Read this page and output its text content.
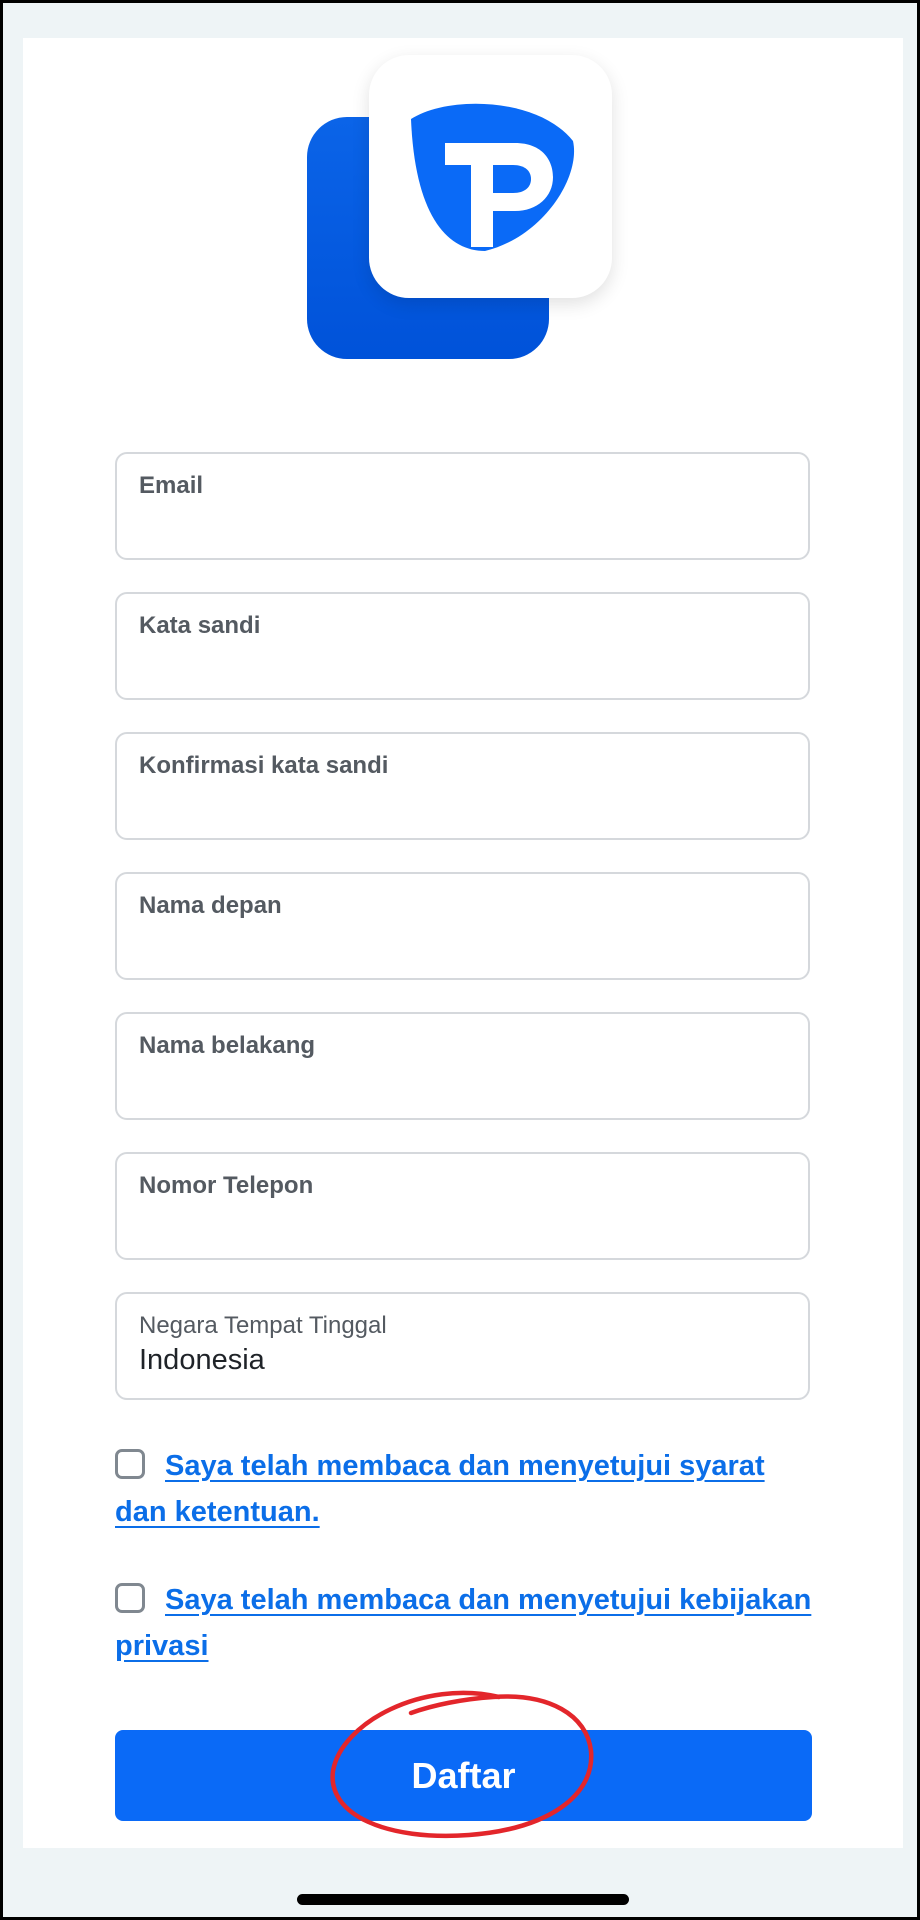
Email
Kata sandi
Konfirmasi kata sandi
Nama depan
Nama belakang
Nomor Telepon
Negara Tempat Tinggal
Indonesia
Saya telah membaca dan menyetujui syarat dan ketentuan.
Saya telah membaca dan menyetujui kebijakan privasi
Daftar
